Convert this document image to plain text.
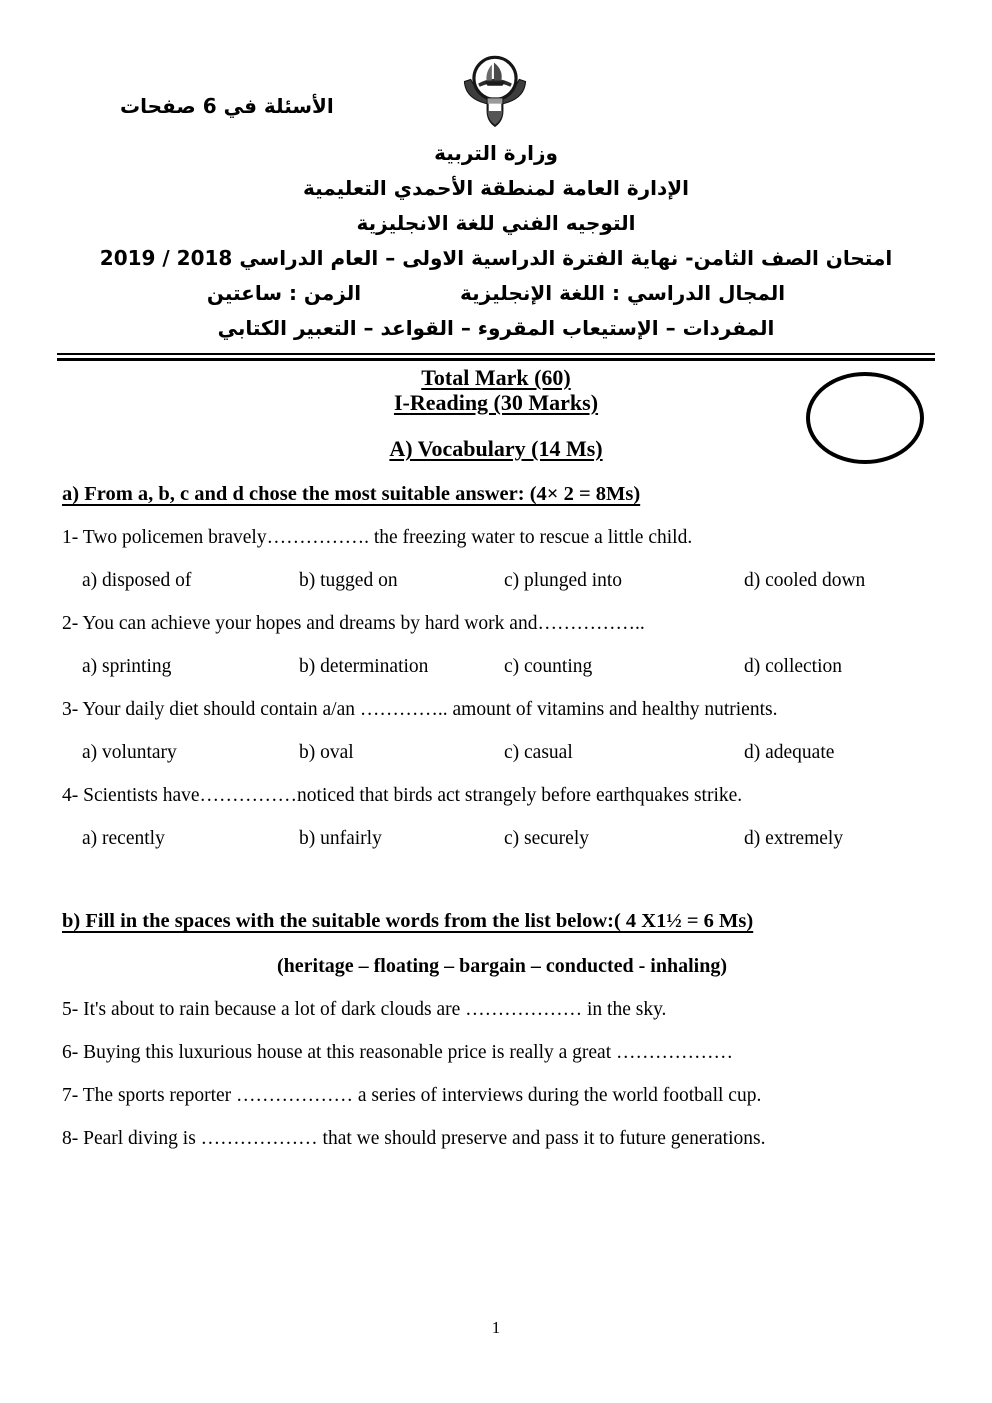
الأسئلة في 6 صفحات
وزارة التربية
الإدارة العامة لمنطقة الأحمدي التعليمية
التوجيه الفني للغة الانجليزية
امتحان الصف الثامن- نهاية الفترة الدراسية الاولى – العام الدراسي 2019 / 2018
المجال الدراسي : اللغة الإنجليزية  الزمن : ساعتين
المفردات – الإستيعاب المقروء – القواعد – التعبير الكتابي
Total Mark (60)
I-Reading (30 Marks)
A) Vocabulary (14 Ms)
a) From a, b, c and d chose the most suitable answer: (4× 2 = 8Ms)

1- Two policemen bravely……………. the freezing water to rescue a little child.

a) disposed of	b) tugged on	c) plunged into	d) cooled down

2- You can achieve your hopes and dreams by hard work and……………..

a) sprinting	b) determination	c) counting	d) collection

3- Your daily diet should contain a/an ………….. amount of vitamins and healthy nutrients.

a) voluntary	b) oval	c) casual	d) adequate

4- Scientists have……………noticed that birds act strangely before earthquakes strike.

a) recently	b) unfairly	c) securely	d) extremely
b) Fill in the spaces with the suitable words from the list below:( 4 X1½ = 6 Ms)
(heritage – floating – bargain – conducted - inhaling)

5- It's about to rain because a lot of dark clouds are ……………… in the sky.

6- Buying this luxurious house at this reasonable price is really a great ………………

7- The sports reporter ……………… a series of interviews during the world football cup.

8- Pearl diving is ……………… that we should preserve and pass it to future generations.

1
